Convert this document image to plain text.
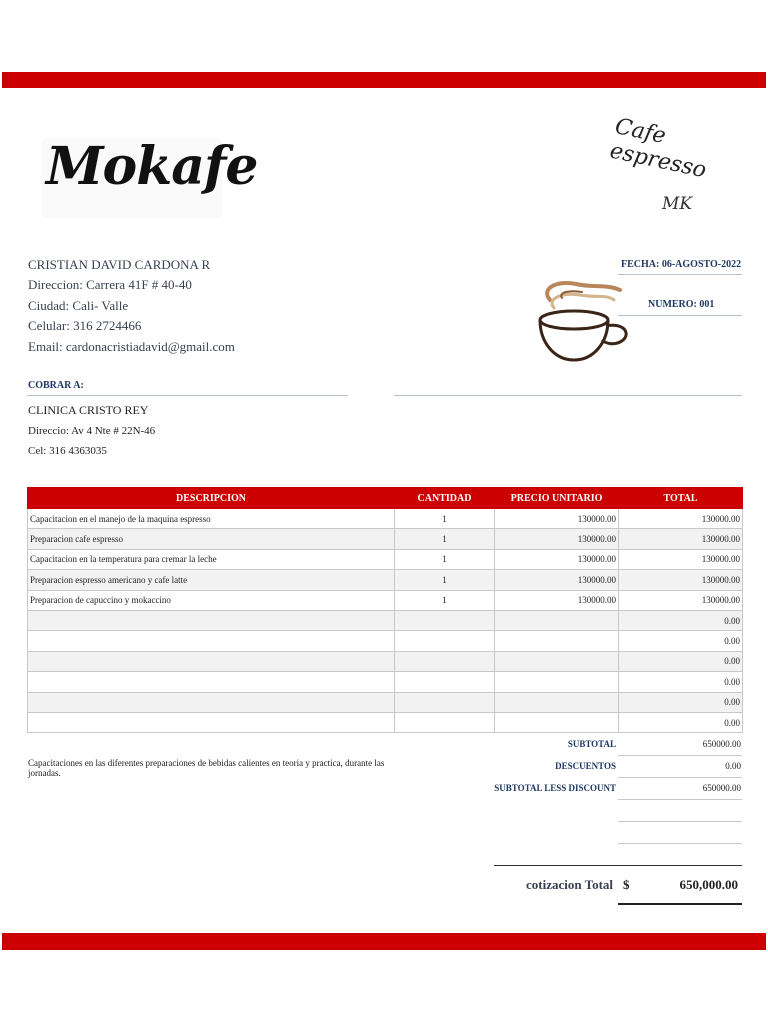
Mokafe
Cafe espresso
MK
CRISTIAN DAVID CARDONA R
Direccion: Carrera 41F # 40-40
Ciudad: Cali- Valle
Celular: 316 2724466
Email: cardonacristiadavid@gmail.com
FECHA: 06-AGOSTO-2022
NUMERO: 001
COBRAR A:
CLINICA CRISTO REY
Direccio: Av 4 Nte # 22N-46
Cel: 316 4363035
DESCRIPCION	CANTIDAD	PRECIO UNITARIO	TOTAL
Capacitacion en el manejo de la maquina espresso	1	130000.00	130000.00
Preparacion cafe espresso	1	130000.00	130000.00
Capacitacion en la temperatura para cremar la leche	1	130000.00	130000.00
Preparacion espresso americano y cafe latte	1	130000.00	130000.00
Preparacion de capuccino y mokaccino	1	130000.00	130000.00
			0.00
			0.00
			0.00
			0.00
			0.00
			0.00
Capacitaciones en las diferentes preparaciones de bebidas calientes en teoria y practica, durante las jornadas.
SUBTOTAL	650000.00
DESCUENTOS	0.00
SUBTOTAL LESS DISCOUNT	650000.00
cotizacion Total $	650,000.00
